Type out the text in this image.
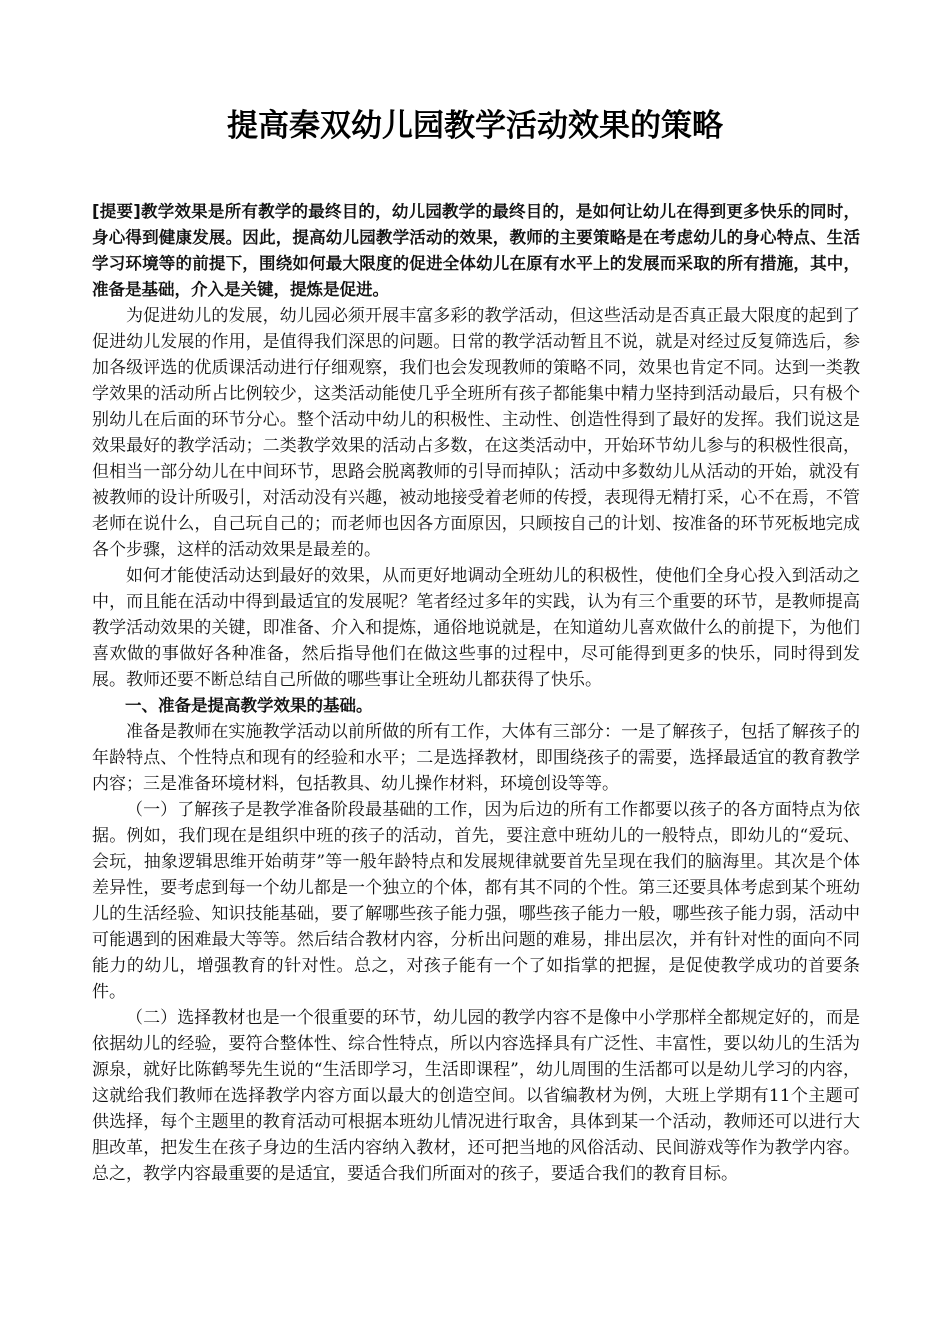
提高秦双幼儿园教学活动效果的策略

[提要]教学效果是所有教学的最终目的，幼儿园教学的最终目的，是如何让幼儿在得到更多快乐的同时，身心得到健康发展。因此，提高幼儿园教学活动的效果，教师的主要策略是在考虑幼儿的身心特点、生活学习环境等的前提下，围绕如何最大限度的促进全体幼儿在原有水平上的发展而采取的所有措施，其中，准备是基础，介入是关键，提炼是促进。

为促进幼儿的发展，幼儿园必须开展丰富多彩的教学活动，但这些活动是否真正最大限度的起到了促进幼儿发展的作用，是值得我们深思的问题。日常的教学活动暂且不说，就是对经过反复筛选后，参加各级评选的优质课活动进行仔细观察，我们也会发现教师的策略不同，效果也肯定不同。达到一类教学效果的活动所占比例较少，这类活动能使几乎全班所有孩子都能集中精力坚持到活动最后，只有极个别幼儿在后面的环节分心。整个活动中幼儿的积极性、主动性、创造性得到了最好的发挥。我们说这是效果最好的教学活动；二类教学效果的活动占多数，在这类活动中，开始环节幼儿参与的积极性很高，但相当一部分幼儿在中间环节，思路会脱离教师的引导而掉队；活动中多数幼儿从活动的开始，就没有被教师的设计所吸引，对活动没有兴趣，被动地接受着老师的传授，表现得无精打采，心不在焉，不管老师在说什么，自己玩自己的；而老师也因各方面原因，只顾按自己的计划、按准备的环节死板地完成各个步骤，这样的活动效果是最差的。

如何才能使活动达到最好的效果，从而更好地调动全班幼儿的积极性，使他们全身心投入到活动之中，而且能在活动中得到最适宜的发展呢？笔者经过多年的实践，认为有三个重要的环节，是教师提高教学活动效果的关键，即准备、介入和提炼，通俗地说就是，在知道幼儿喜欢做什么的前提下，为他们喜欢做的事做好各种准备，然后指导他们在做这些事的过程中，尽可能得到更多的快乐，同时得到发展。教师还要不断总结自己所做的哪些事让全班幼儿都获得了快乐。

一、准备是提高教学效果的基础。

准备是教师在实施教学活动以前所做的所有工作，大体有三部分：一是了解孩子，包括了解孩子的年龄特点、个性特点和现有的经验和水平；二是选择教材，即围绕孩子的需要，选择最适宜的教育教学内容；三是准备环境材料，包括教具、幼儿操作材料，环境创设等等。

（一）了解孩子是教学准备阶段最基础的工作，因为后边的所有工作都要以孩子的各方面特点为依据。例如，我们现在是组织中班的孩子的活动，首先，要注意中班幼儿的一般特点，即幼儿的“爱玩、会玩，抽象逻辑思维开始萌芽”等一般年龄特点和发展规律就要首先呈现在我们的脑海里。其次是个体差异性，要考虑到每一个幼儿都是一个独立的个体，都有其不同的个性。第三还要具体考虑到某个班幼儿的生活经验、知识技能基础，要了解哪些孩子能力强，哪些孩子能力一般，哪些孩子能力弱，活动中可能遇到的困难最大等等。然后结合教材内容，分析出问题的难易，排出层次，并有针对性的面向不同能力的幼儿，增强教育的针对性。总之，对孩子能有一个了如指掌的把握，是促使教学成功的首要条件。

（二）选择教材也是一个很重要的环节，幼儿园的教学内容不是像中小学那样全都规定好的，而是依据幼儿的经验，要符合整体性、综合性特点，所以内容选择具有广泛性、丰富性，要以幼儿的生活为源泉，就好比陈鹤琴先生说的“生活即学习，生活即课程”，幼儿周围的生活都可以是幼儿学习的内容，这就给我们教师在选择教学内容方面以最大的创造空间。以省编教材为例，大班上学期有11个主题可供选择，每个主题里的教育活动可根据本班幼儿情况进行取舍，具体到某一个活动，教师还可以进行大胆改革，把发生在孩子身边的生活内容纳入教材，还可把当地的风俗活动、民间游戏等作为教学内容。总之，教学内容最重要的是适宜，要适合我们所面对的孩子，要适合我们的教育目标。
